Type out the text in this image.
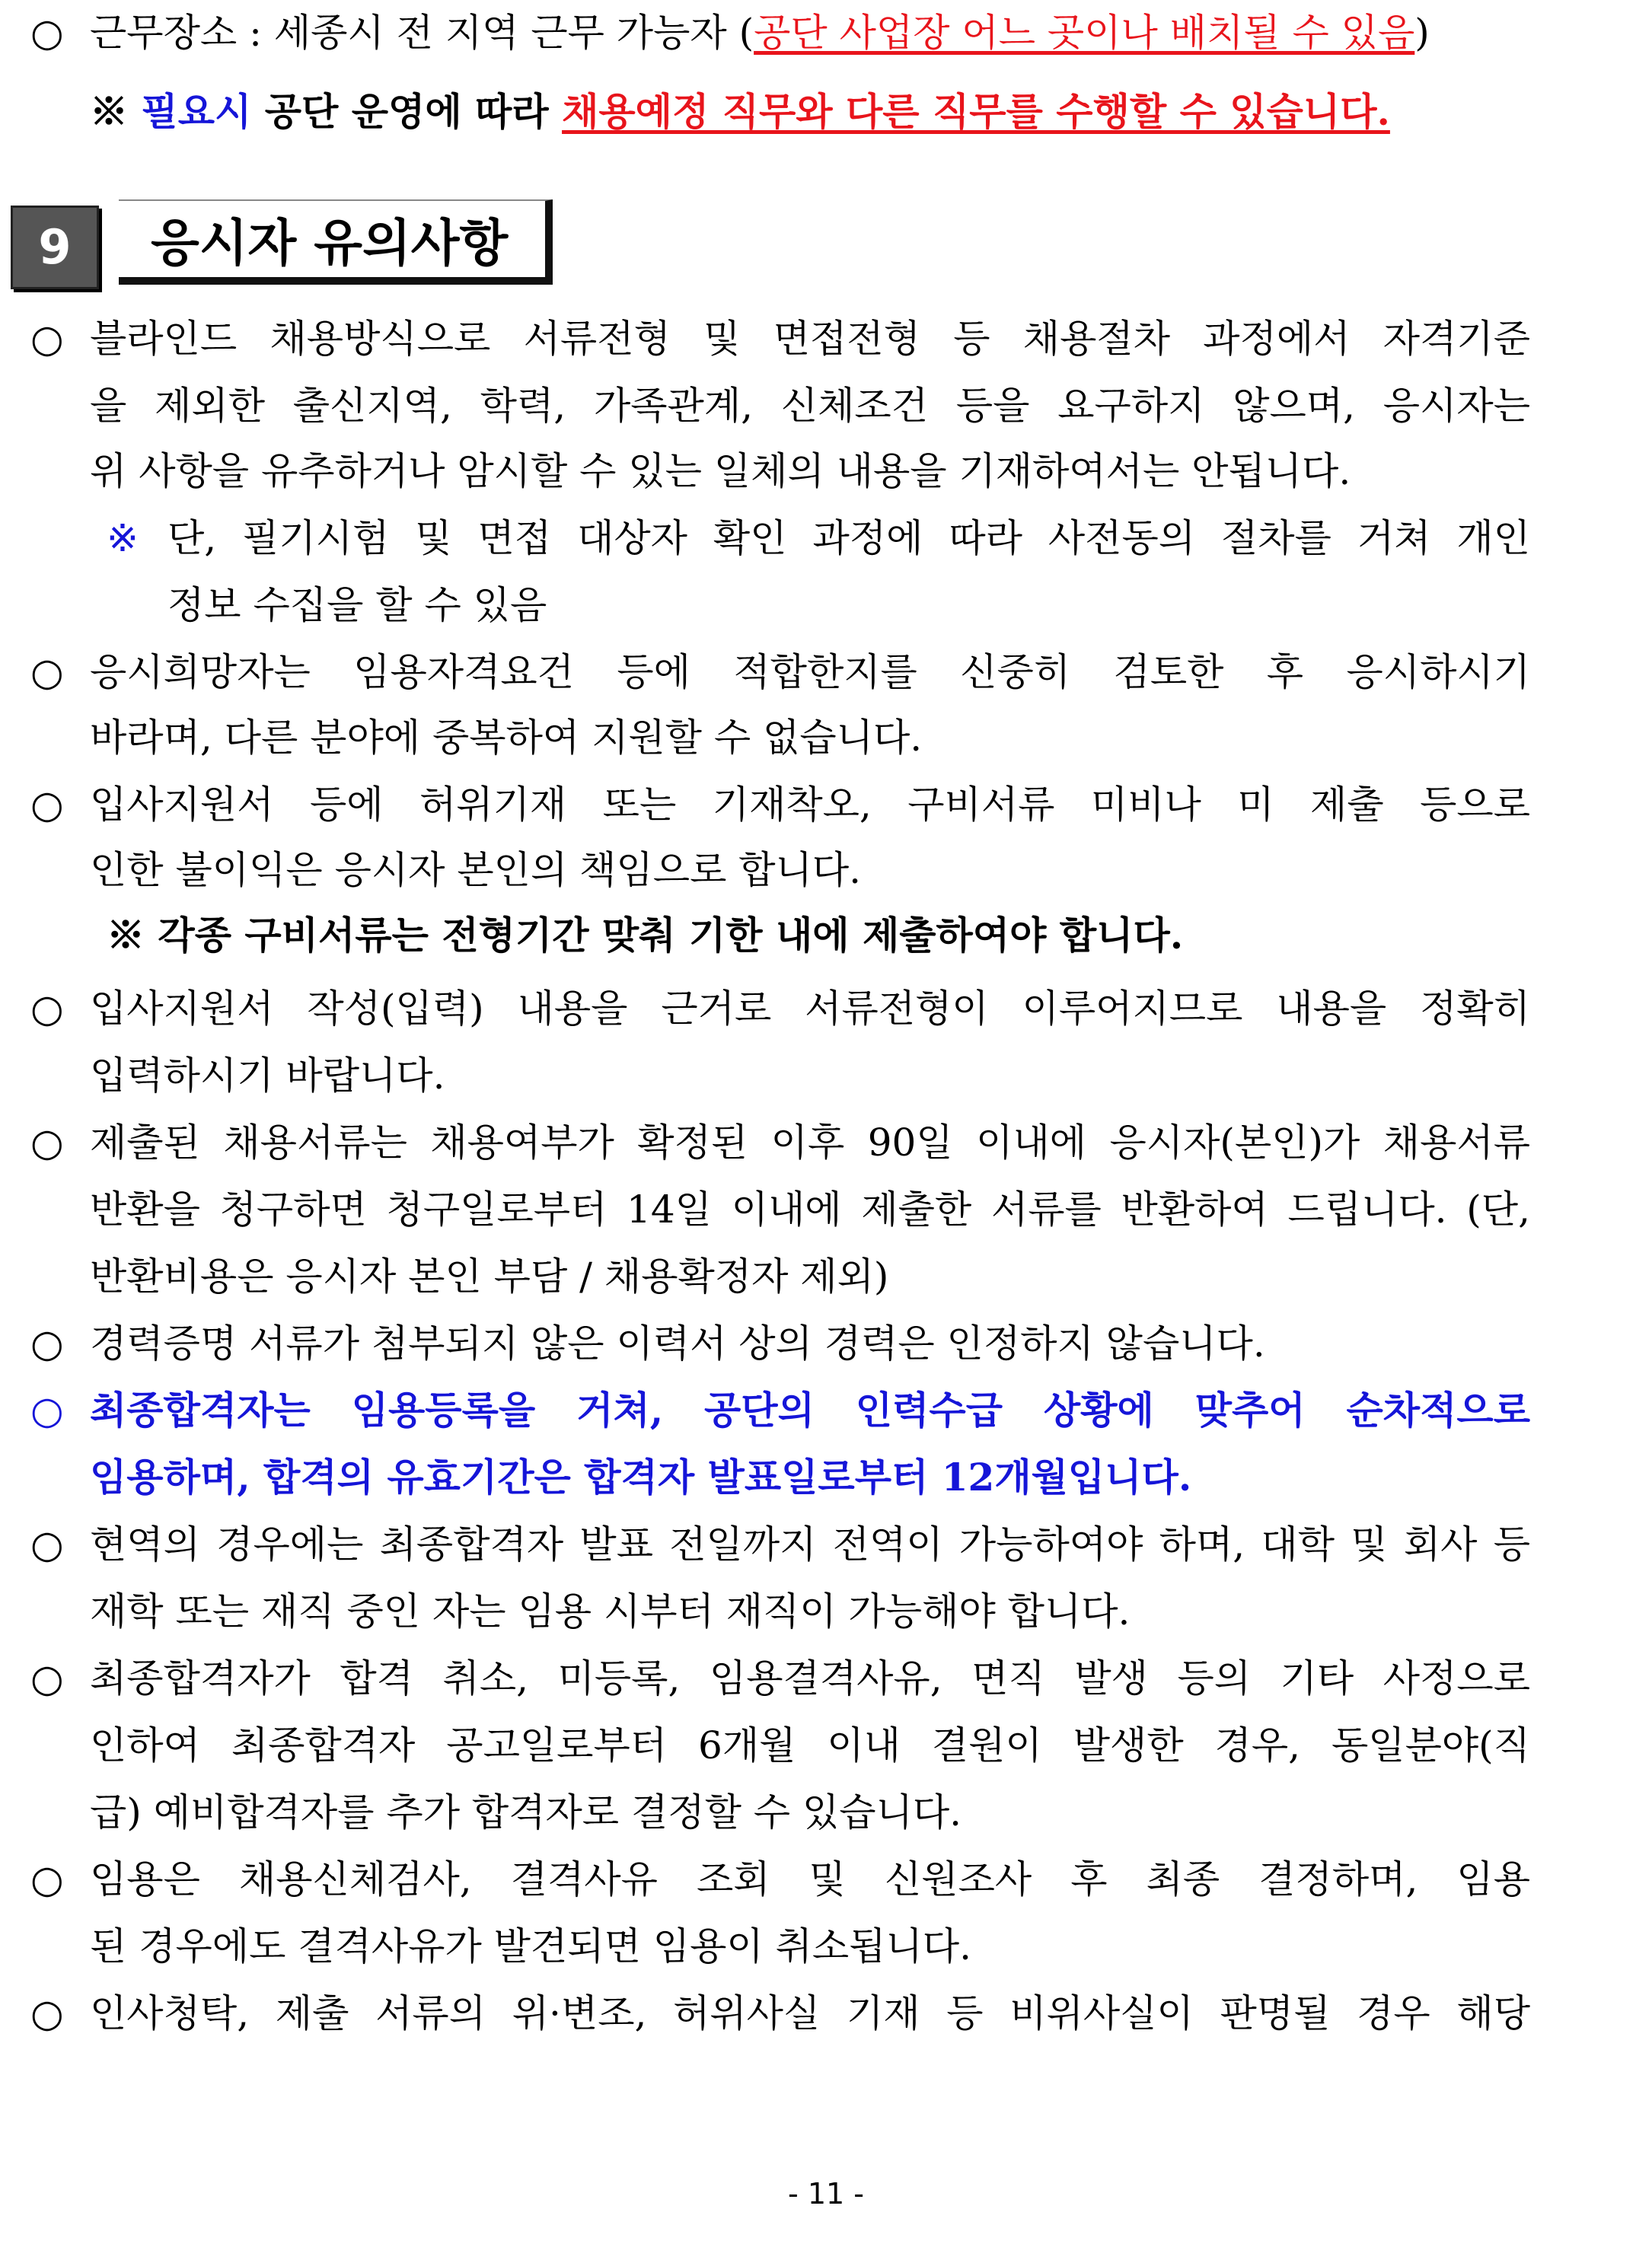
○ 근무장소 : 세종시 전 지역 근무 가능자 (공단 사업장 어느 곳이나 배치될 수 있음)
※ 필요시 공단 운영에 따라 채용예정 직무와 다른 직무를 수행할 수 있습니다.
9	응시자 유의사항
○ 블라인드 채용방식으로 서류전형 및 면접전형 등 채용절차 과정에서 자격기준
을 제외한 출신지역, 학력, 가족관계, 신체조건 등을 요구하지 않으며, 응시자는
위 사항을 유추하거나 암시할 수 있는 일체의 내용을 기재하여서는 안됩니다.
※ 단, 필기시험 및 면접 대상자 확인 과정에 따라 사전동의 절차를 거쳐 개인
정보 수집을 할 수 있음
○ 응시희망자는 임용자격요건 등에 적합한지를 신중히 검토한 후 응시하시기
바라며, 다른 분야에 중복하여 지원할 수 없습니다.
○ 입사지원서 등에 허위기재 또는 기재착오, 구비서류 미비나 미 제출 등으로
인한 불이익은 응시자 본인의 책임으로 합니다.
※ 각종 구비서류는 전형기간 맞춰 기한 내에 제출하여야 합니다.
○ 입사지원서 작성(입력) 내용을 근거로 서류전형이 이루어지므로 내용을 정확히
입력하시기 바랍니다.
○ 제출된 채용서류는 채용여부가 확정된 이후 90일 이내에 응시자(본인)가 채용서류
반환을 청구하면 청구일로부터 14일 이내에 제출한 서류를 반환하여 드립니다. (단,
반환비용은 응시자 본인 부담 / 채용확정자 제외)
○ 경력증명 서류가 첨부되지 않은 이력서 상의 경력은 인정하지 않습니다.
○ 최종합격자는 임용등록을 거쳐, 공단의 인력수급 상황에 맞추어 순차적으로
임용하며, 합격의 유효기간은 합격자 발표일로부터 12개월입니다.
○ 현역의 경우에는 최종합격자 발표 전일까지 전역이 가능하여야 하며, 대학 및 회사 등
재학 또는 재직 중인 자는 임용 시부터 재직이 가능해야 합니다.
○ 최종합격자가 합격 취소, 미등록, 임용결격사유, 면직 발생 등의 기타 사정으로
인하여 최종합격자 공고일로부터 6개월 이내 결원이 발생한 경우, 동일분야(직
급) 예비합격자를 추가 합격자로 결정할 수 있습니다.
○ 임용은 채용신체검사, 결격사유 조회 및 신원조사 후 최종 결정하며, 임용
된 경우에도 결격사유가 발견되면 임용이 취소됩니다.
○ 인사청탁, 제출 서류의 위·변조, 허위사실 기재 등 비위사실이 판명될 경우 해당
- 11 -
